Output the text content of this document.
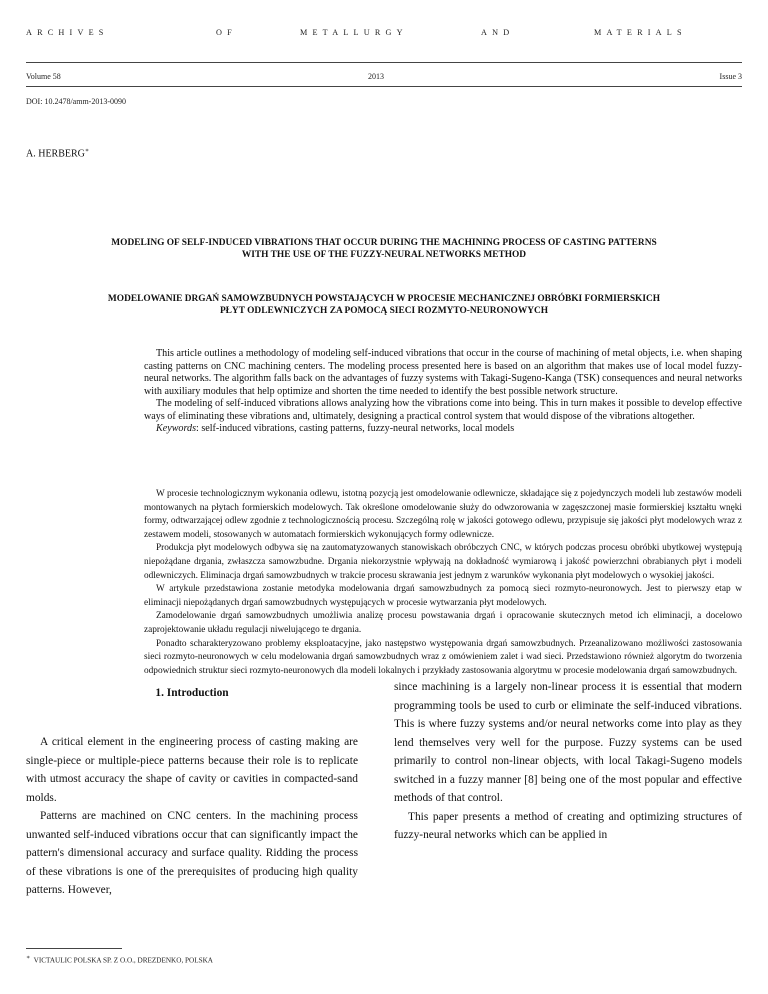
ARCHIVES	OF	METALLURGY	AND	MATERIALS
Volume 58	2013	Issue 3
DOI: 10.2478/amm-2013-0090
A. HERBERG∗
MODELING OF SELF-INDUCED VIBRATIONS THAT OCCUR DURING THE MACHINING PROCESS OF CASTING PATTERNS
WITH THE USE OF THE FUZZY-NEURAL NETWORKS METHOD
MODELOWANIE DRGAŃ SAMOWZBUDNYCH POWSTAJĄCYCH W PROCESIE MECHANICZNEJ OBRÓBKI FORMIERSKICH
PŁYT ODLEWNICZYCH ZA POMOCĄ SIECI ROZMYTO-NEURONOWYCH

This article outlines a methodology of modeling self-induced vibrations that occur in the course of machining of metal objects, i.e. when shaping casting patterns on CNC machining centers. The modeling process presented here is based on an algorithm that makes use of local model fuzzy-neural networks. The algorithm falls back on the advantages of fuzzy systems with Takagi-Sugeno-Kanga (TSK) consequences and neural networks with auxiliary modules that help optimize and shorten the time needed to identify the best possible network structure.

The modeling of self-induced vibrations allows analyzing how the vibrations come into being. This in turn makes it possible to develop effective ways of eliminating these vibrations and, ultimately, designing a practical control system that would dispose of the vibrations altogether.

Keywords: self-induced vibrations, casting patterns, fuzzy-neural networks, local models

W procesie technologicznym wykonania odlewu, istotną pozycją jest omodelowanie odlewnicze, składające się z pojedynczych modeli lub zestawów modeli montowanych na płytach formierskich modelowych. Tak określone omodelowanie służy do odwzorowania w zagęszczonej masie formierskiej kształtu wnęki formy, odtwarzającej odlew zgodnie z technologicznością procesu. Szczególną rolę w jakości gotowego odlewu, przypisuje się jakości płyt modelowych wraz z zestawem modeli, stosowanych w automatach formierskich wykonujących formy odlewnicze.

Produkcja płyt modelowych odbywa się na zautomatyzowanych stanowiskach obróbczych CNC, w których podczas procesu obróbki ubytkowej występują niepożądane drgania, zwłaszcza samowzbudne. Drgania niekorzystnie wpływają na dokładność wymiarową i jakość powierzchni obrabianych płyt i modeli odlewniczych. Eliminacja drgań samowzbudnych w trakcie procesu skrawania jest jednym z warunków wykonania płyt modelowych o wysokiej jakości.

W artykule przedstawiona zostanie metodyka modelowania drgań samowzbudnych za pomocą sieci rozmyto-neuronowych. Jest to pierwszy etap w eliminacji niepożądanych drgań samowzbudnych występujących w procesie wytwarzania płyt modelowych.

Zamodelowanie drgań samowzbudnych umożliwia analizę procesu powstawania drgań i opracowanie skutecznych metod ich eliminacji, a docelowo zaprojektowanie układu regulacji niwelującego te drgania.

Ponadto scharakteryzowano problemy eksploatacyjne, jako następstwo występowania drgań samowzbudnych. Przeanalizowano możliwości zastosowania sieci rozmyto-neuronowych w celu modelowania drgań samowzbudnych wraz z omówieniem zalet i wad sieci. Przedstawiono również algorytm do tworzenia odpowiednich struktur sieci rozmyto-neuronowych dla modeli lokalnych i przykłady zastosowania algorytmu w procesie modelowania drgań samowzbudnych.

1. Introduction

A critical element in the engineering process of casting making are single-piece or multiple-piece patterns because their role is to replicate with utmost accuracy the shape of cavity or cavities in compacted-sand molds.

Patterns are machined on CNC centers. In the machining process unwanted self-induced vibrations occur that can significantly impact the pattern's dimensional accuracy and surface quality. Ridding the process of these vibrations is one of the prerequisites of producing high quality patterns. However,

since machining is a largely non-linear process it is essential that modern programming tools be used to curb or eliminate the self-induced vibrations. This is where fuzzy systems and/or neural networks come into play as they lend themselves very well for the purpose. Fuzzy systems can be used primarily to control non-linear objects, with local Takagi-Sugeno models switched in a fuzzy manner [8] being one of the most popular and effective methods of that control.

This paper presents a method of creating and optimizing structures of fuzzy-neural networks which can be applied in

∗ VICTAULIC POLSKA SP. Z O.O., DREZDENKO, POLSKA
